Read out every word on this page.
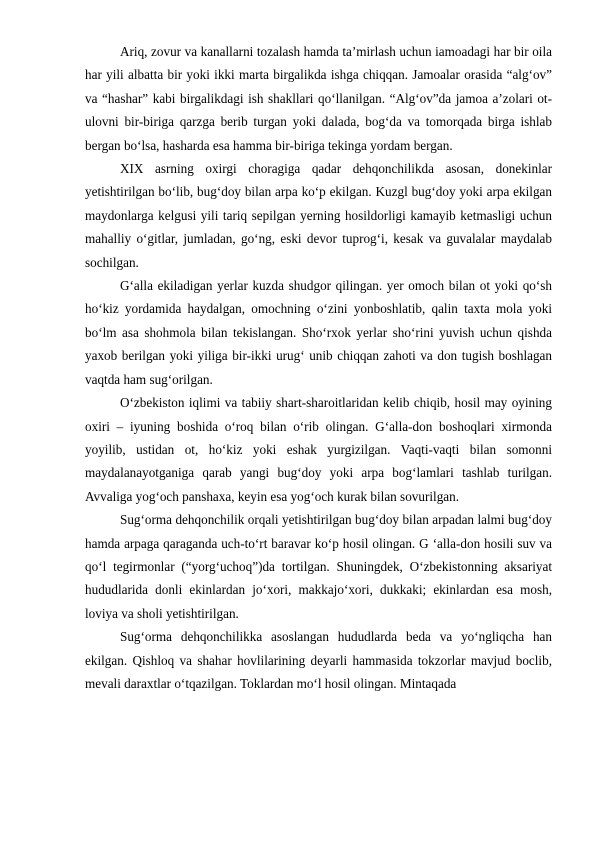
Ariq, zovur va kanallarni tozalash hamda ta’mirlash uchun iamoadagi har bir oila har yili albatta bir yoki ikki marta birgalikda ishga chiqqan. Jamoalar orasida “alg‘ov” va “hashar” kabi birgalikdagi ish shakllari qo‘llanilgan. “Alg‘ov”da jamoa a’zolari ot-ulovni bir-biriga qarzga berib turgan yoki dalada, bog‘da va tomorqada birga ishlab bergan bo‘lsa, hasharda esa hamma bir-biriga tekinga yordam bergan.

XIX asrning oxirgi choragiga qadar dehqonchilikda asosan, donekinlar yetishtirilgan bo‘lib, bug‘doy bilan arpa ko‘p ekilgan. Kuzgl bug‘doy yoki arpa ekilgan maydonlarga kelgusi yili tariq sepilgan yerning hosildorligi kamayib ketmasligi uchun mahalliy o‘gitlar, jumladan, go‘ng, eski devor tuprog‘i, kesak va guvalalar maydalab sochilgan.

G‘alla ekiladigan yerlar kuzda shudgor qilingan. yer omoch bilan ot yoki qo‘sh ho‘kiz yordamida haydalgan, omochning o‘zini yonboshlatib, qalin taxta mola yoki bo‘lm asa shohmola bilan tekislangan. Sho‘rxok yerlar sho‘rini yuvish uchun qishda yaxob berilgan yoki yiliga bir-ikki urug‘ unib chiqqan zahoti va don tugish boshlagan vaqtda ham sug‘orilgan.

O‘zbekiston iqlimi va tabiiy shart-sharoitlaridan kelib chiqib, hosil may oyining oxiri – iyuning boshida o‘roq bilan o‘rib olingan. G‘alla-don boshoqlari xirmonda yoyilib, ustidan ot, ho‘kiz yoki eshak yurgizilgan. Vaqti-vaqti bilan somonni maydalanayotganiga qarab yangi bug‘doy yoki arpa bog‘lamlari tashlab turilgan. Avvaliga yog‘och panshaxa, keyin esa yog‘och kurak bilan sovurilgan.

Sug‘orma dehqonchilik orqali yetishtirilgan bug‘doy bilan arpadan lalmi bug‘doy hamda arpaga qaraganda uch-to‘rt baravar ko‘p hosil olingan. G ‘alla-don hosili suv va qo‘l tegirmonlar (“yorg‘uchoq”)da tortilgan. Shuningdek, O‘zbekistonning aksariyat hududlarida donli ekinlardan jo‘xori, makkajo‘xori, dukkaki; ekinlardan esa mosh, loviya va sholi yetishtirilgan.

Sug‘orma dehqonchilikka asoslangan hududlarda beda va yo‘ngliqcha han ekilgan. Qishloq va shahar hovlilarining deyarli hammasida tokzorlar mavjud boclib, mevali daraxtlar o‘tqazilgan. Toklardan mo‘l hosil olingan. Mintaqada
